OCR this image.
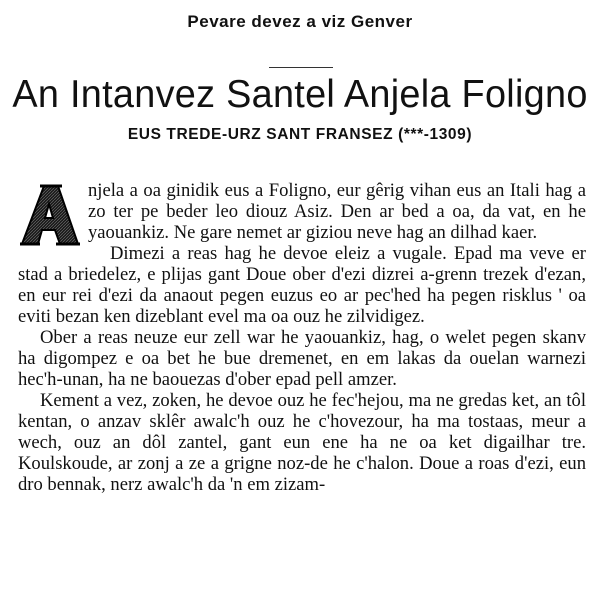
Pevare devez a viz Genver
An Intanvez Santel Anjela Foligno
EUS TREDE-URZ SANT FRANSEZ (***-1309)

njela a oa ginidik eus a Foligno, eur gêrig vihan eus an Itali hag a zo ter pe beder leo diouz Asiz. Den ar bed a oa, da vat, en he yaouankiz. Ne gare nemet ar giziou neve hag an dilhad kaer.

Dimezi a reas hag he devoe eleiz a vugale. Epad ma veve er stad a briedelez, e plijas gant Doue ober d'ezi dizrei a-grenn trezek d'ezan, en eur rei d'ezi da anaout pegen euzus eo ar pec'hed ha pegen risklus ' oa eviti bezan ken dizeblant evel ma oa ouz he zilvidigez.

Ober a reas neuze eur zell war he yaouankiz, hag, o welet pegen skanv ha digompez e oa bet he bue dremenet, en em lakas da ouelan warnezi hec'h-unan, ha ne baouezas d'ober epad pell amzer.

Kement a vez, zoken, he devoe ouz he fec'hejou, ma ne gredas ket, an tôl kentan, o anzav sklêr awalc'h ouz he c'hovezour, ha ma tostaas, meur a wech, ouz an dôl zantel, gant eun ene ha ne oa ket digailhar tre. Koulskoude, ar zonj a ze a grigne noz-de he c'halon. Doue a roas d'ezi, eun dro bennak, nerz awalc'h da 'n em zizam-
